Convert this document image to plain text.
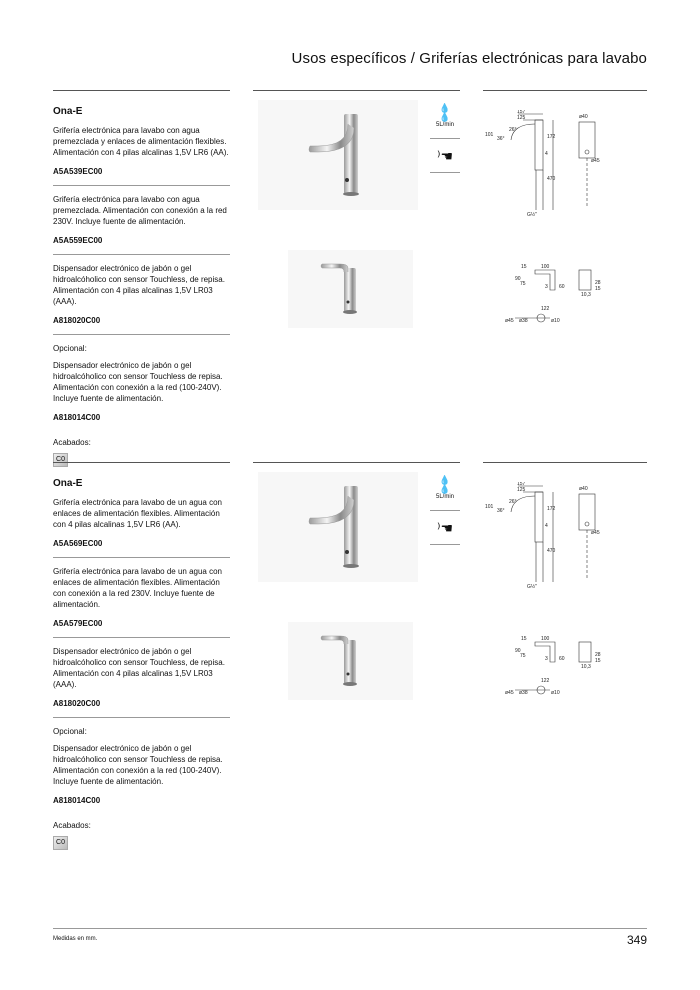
Usos específicos / Griferías electrónicas para lavabo
Ona-E

Grifería electrónica para lavabo con agua premezclada y enlaces de alimentación flexibles. Alimentación con 4 pilas alcalinas 1,5V LR6 (AA).

A5A539EC00

Grifería electrónica para lavabo con agua premezclada. Alimentación con conexión a la red 230V. Incluye fuente de alimentación.

A5A559EC00

Dispensador electrónico de jabón o gel hidroalcóholico con sensor Touchless, de repisa. Alimentación con 4 pilas alcalinas 1,5V LR03 (AAA).

A818020C00
Opcional:

Dispensador electrónico de jabón o gel hidroalcóholico con sensor Touchless de repisa. Alimentación con conexión a la red (100-240V). Incluye fuente de alimentación.

A818014C00
Acabados:
C0
💧
💧
5L/min
⁾☚
157
125	ø40
26°
101
36°	172
4
ø45
470
G½"
15	100
90
75	3 60
28
15
10,3
122
ø45 ø38	ø10
Ona-E

Grifería electrónica para lavabo de un agua con enlaces de alimentación flexibles. Alimentación con 4 pilas alcalinas 1,5V LR6 (AA).

A5A569EC00

Grifería electrónica para lavabo de un agua con enlaces de alimentación flexibles. Alimentación con conexión a la red 230V. Incluye fuente de alimentación.

A5A579EC00

Dispensador electrónico de jabón o gel hidroalcóholico con sensor Touchless, de repisa. Alimentación con 4 pilas alcalinas 1,5V LR03 (AAA).

A818020C00
Opcional:

Dispensador electrónico de jabón o gel hidroalcóholico con sensor Touchless de repisa. Alimentación con conexión a la red (100-240V). Incluye fuente de alimentación.

A818014C00
Acabados:
C0
💧
💧
5L/min
⁾☚
157
125	ø40
26°
101
36°	172
4
ø45
470
G½"
15	100
90
75	3 60
28
15
10,3
122
ø45 ø38	ø10
Medidas en mm.	349
